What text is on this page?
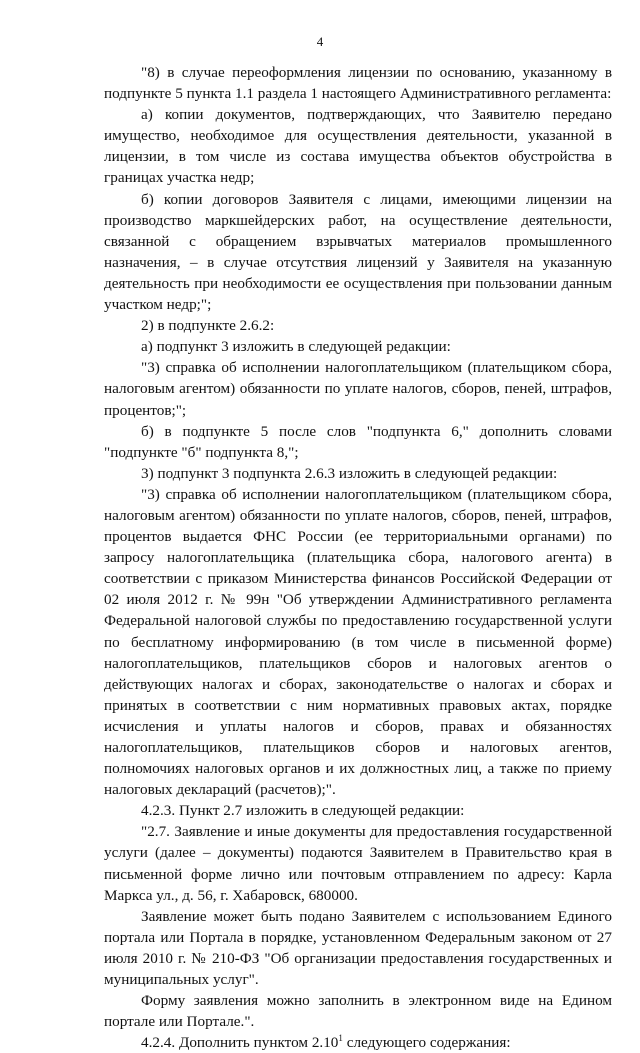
4

"8) в случае переоформления лицензии по основанию, указанному в подпункте 5 пункта 1.1 раздела 1 настоящего Административного регламента:

а) копии документов, подтверждающих, что Заявителю передано имущество, необходимое для осуществления деятельности, указанной в лицензии, в том числе из состава имущества объектов обустройства в границах участка недр;

б) копии договоров Заявителя с лицами, имеющими лицензии на производство маркшейдерских работ, на осуществление деятельности, связанной с обращением взрывчатых материалов промышленного назначения, – в случае отсутствия лицензий у Заявителя на указанную деятельность при необходимости ее осуществления при пользовании данным участком недр;";

2) в подпункте 2.6.2:

а) подпункт 3 изложить в следующей редакции:

"3) справка об исполнении налогоплательщиком (плательщиком сбора, налоговым агентом) обязанности по уплате налогов, сборов, пеней, штрафов, процентов;";

б) в подпункте 5 после слов "подпункта 6," дополнить словами "подпункте "б" подпункта 8,";

3) подпункт 3 подпункта 2.6.3 изложить в следующей редакции:

"3) справка об исполнении налогоплательщиком (плательщиком сбора, налоговым агентом) обязанности по уплате налогов, сборов, пеней, штрафов, процентов выдается ФНС России (ее территориальными органами) по запросу налогоплательщика (плательщика сбора, налогового агента) в соответствии с приказом Министерства финансов Российской Федерации от 02 июля 2012 г. № 99н "Об утверждении Административного регламента Федеральной налоговой службы по предоставлению государственной услуги по бесплатному информированию (в том числе в письменной форме) налогоплательщиков, плательщиков сборов и налоговых агентов о действующих налогах и сборах, законодательстве о налогах и сборах и принятых в соответствии с ним нормативных правовых актах, порядке исчисления и уплаты налогов и сборов, правах и обязанностях налогоплательщиков, плательщиков сборов и налоговых агентов, полномочиях налоговых органов и их должностных лиц, а также по приему налоговых деклараций (расчетов);".

4.2.3. Пункт 2.7 изложить в следующей редакции:

"2.7. Заявление и иные документы для предоставления государственной услуги (далее – документы) подаются Заявителем в Правительство края в письменной форме лично или почтовым отправлением по адресу: Карла Маркса ул., д. 56, г. Хабаровск, 680000.

Заявление может быть подано Заявителем с использованием Единого портала или Портала в порядке, установленном Федеральным законом от 27 июля 2010 г. № 210-ФЗ "Об организации предоставления государственных и муниципальных услуг".

Форму заявления можно заполнить в электронном виде на Едином портале или Портале.".

4.2.4. Дополнить пунктом 2.10$^1$ следующего содержания:
